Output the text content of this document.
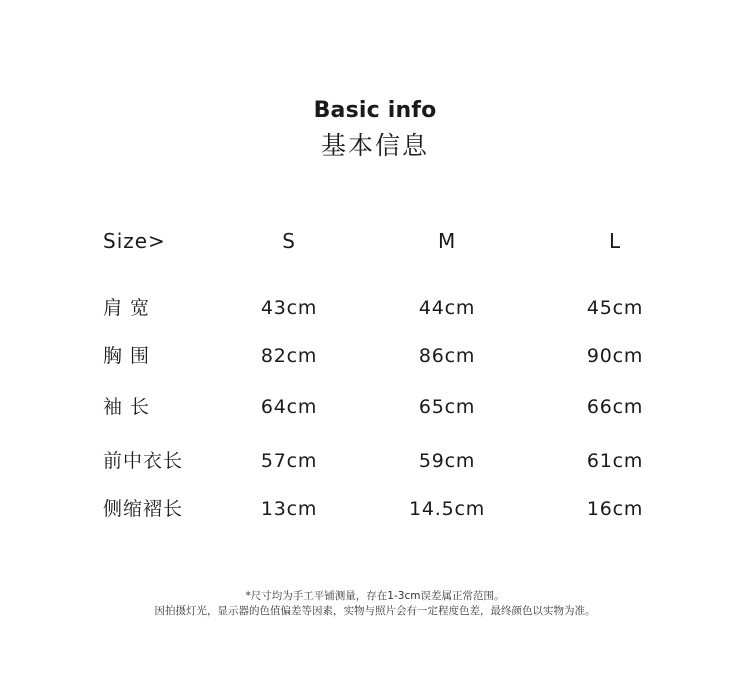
Basic info
基本信息
Size>	S	M	L
肩 宽	43cm	44cm	45cm
胸 围	82cm	86cm	90cm
袖 长	64cm	65cm	66cm
前中衣长	57cm	59cm	61cm
侧缩褶长	13cm	14.5cm	16cm
*尺寸均为手工平铺测量，存在1-3cm误差属正常范围。
因拍摄灯光，显示器的色值偏差等因素，实物与照片会有一定程度色差，最终颜色以实物为准。
